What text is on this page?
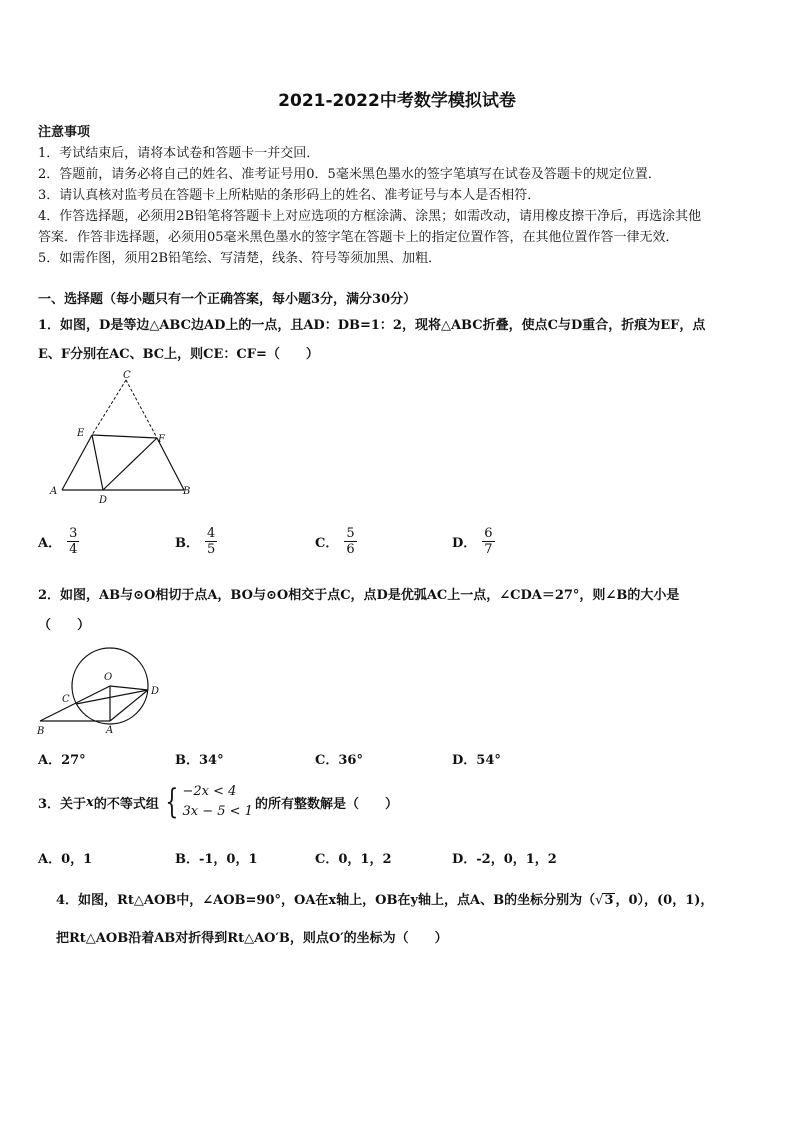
2021-2022中考数学模拟试卷
注意事项
1．考试结束后，请将本试卷和答题卡一并交回．
2．答题前，请务必将自己的姓名、准考证号用0．5毫米黑色墨水的签字笔填写在试卷及答题卡的规定位置．
3．请认真核对监考员在答题卡上所粘贴的条形码上的姓名、准考证号与本人是否相符．
4．作答选择题，必须用2B铅笔将答题卡上对应选项的方框涂满、涂黑；如需改动，请用橡皮擦干净后，再选涂其他
答案．作答非选择题，必须用05毫米黑色墨水的签字笔在答题卡上的指定位置作答，在其他位置作答一律无效．
5．如需作图，须用2B铅笔绘、写清楚，线条、符号等须加黑、加粗．
一、选择题（每小题只有一个正确答案，每小题3分，满分30分）
1．如图，D是等边△ABC边AD上的一点，且AD：DB=1：2，现将△ABC折叠，使点C与D重合，折痕为EF，点
E、F分别在AC、BC上，则CE：CF=（　　）
C
E
F
A
D
B
A． $\frac{3}{4}$	B． $\frac{4}{5}$	C． $\frac{5}{6}$	D． $\frac{6}{7}$
2．如图，AB与⊙O相切于点A，BO与⊙O相交于点C，点D是优弧AC上一点，∠CDA＝27°，则∠B的大小是
（　　）
O
C
D
B	A
A．27°	B．34°	C．36°	D．54°
3．关于 x 的不等式组 { −2x < 4
3x − 5 < 1 的所有整数解是（　　）
A．0，1	B．-1，0，1	C．0，1，2	D．-2，0，1，2
4．如图，Rt△AOB中，∠AOB=90°，OA在x轴上，OB在y轴上，点A、B的坐标分别为（√3 ，0），(0，1)，
把Rt△AOB沿着AB对折得到Rt△AO′B，则点O′的坐标为（　　）
